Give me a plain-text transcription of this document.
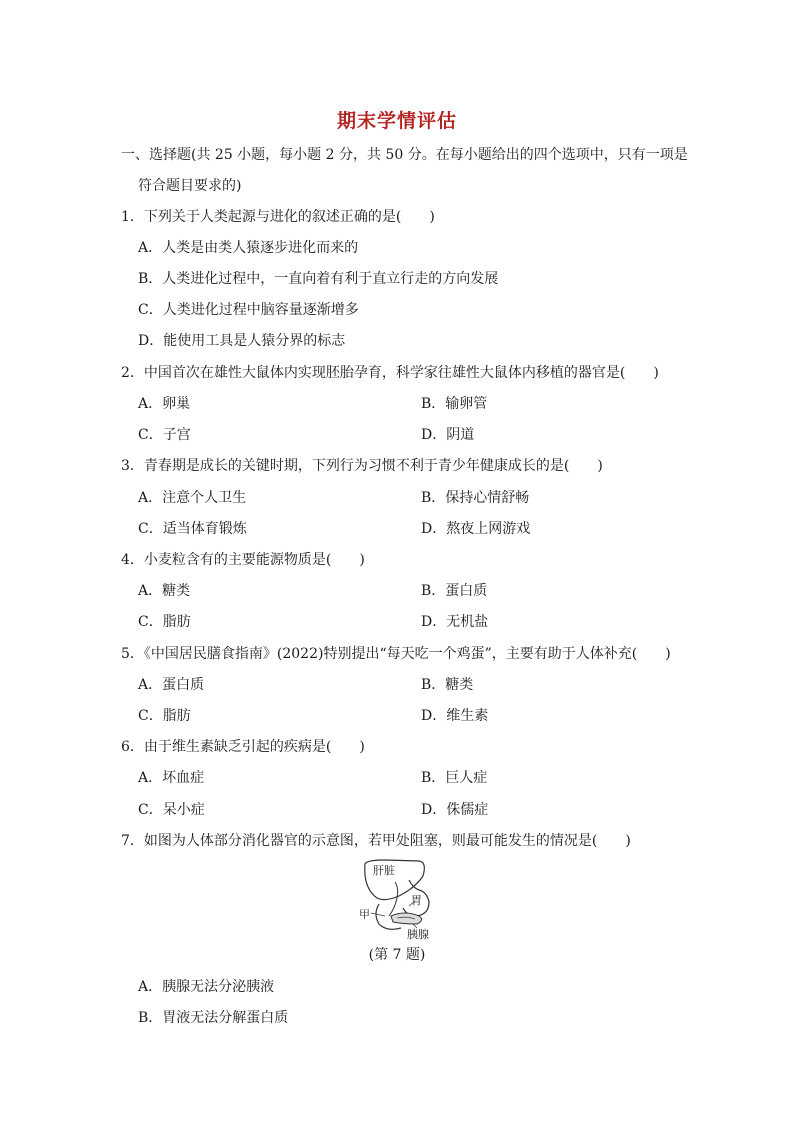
期末学情评估
一、选择题(共 25 小题，每小题 2 分，共 50 分。在每小题给出的四个选项中，只有一项是
符合题目要求的)
1．下列关于人类起源与进化的叙述正确的是(　　)
A．人类是由类人猿逐步进化而来的
B．人类进化过程中，一直向着有利于直立行走的方向发展
C．人类进化过程中脑容量逐渐增多
D．能使用工具是人猿分界的标志
2．中国首次在雄性大鼠体内实现胚胎孕育，科学家往雄性大鼠体内移植的器官是(　　)
A．卵巢	B．输卵管
C．子宫	D．阴道
3．青春期是成长的关键时期，下列行为习惯不利于青少年健康成长的是(　　)
A．注意个人卫生	B．保持心情舒畅
C．适当体育锻炼	D．熬夜上网游戏
4．小麦粒含有的主要能源物质是(　　)
A．糖类	B．蛋白质
C．脂肪	D．无机盐
5．《中国居民膳食指南》(2022)特别提出“每天吃一个鸡蛋”，主要有助于人体补充(　　)
A．蛋白质	B．糖类
C．脂肪	D．维生素
6．由于维生素缺乏引起的疾病是(　　)
A．坏血症	B．巨人症
C．呆小症	D．侏儒症
7．如图为人体部分消化器官的示意图，若甲处阻塞，则最可能发生的情况是(　　)
肝脏
胃
甲
胰腺
(第 7 题)
A．胰腺无法分泌胰液
B．胃液无法分解蛋白质
